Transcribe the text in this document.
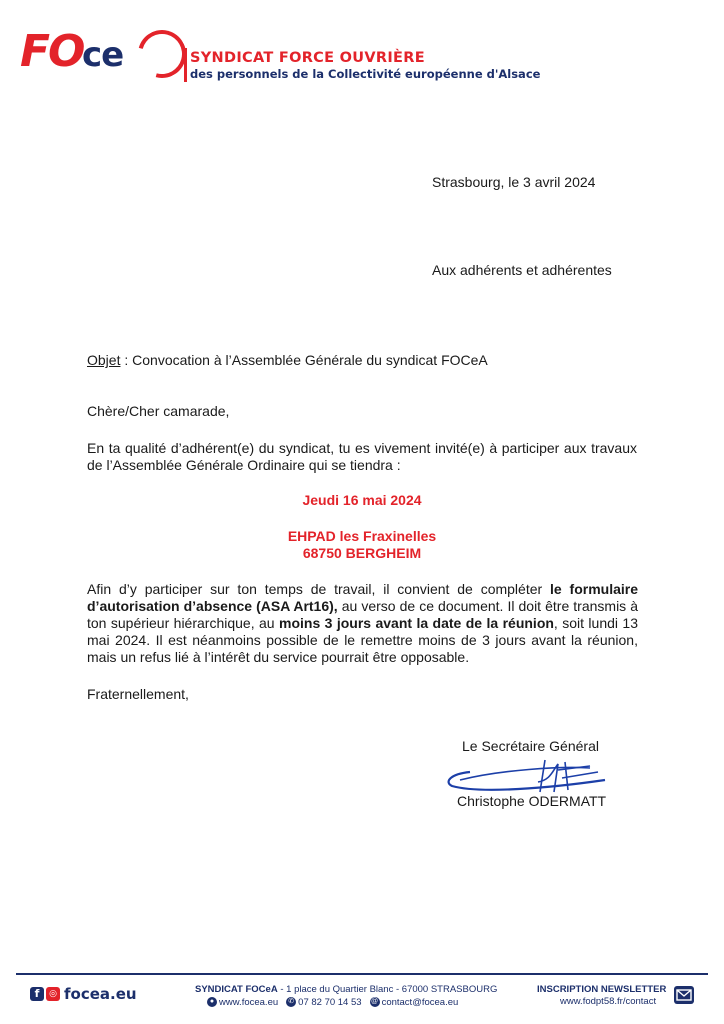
FO
ce	SYNDICAT FORCE OUVRIÈRE
des personnels de la Collectivité européenne d'Alsace
Strasbourg, le 3 avril 2024
Aux adhérents et adhérentes
Objet : Convocation à l’Assemblée Générale du syndicat FOCeA
Chère/Cher camarade,
En ta qualité d’adhérent(e) du syndicat, tu es vivement invité(e) à participer aux travaux de l’Assemblée Générale Ordinaire qui se tiendra :
Jeudi 16 mai 2024
EHPAD les Fraxinelles
68750 BERGHEIM
Afin d’y participer sur ton temps de travail, il convient de compléter le formulaire d’autorisation d’absence (ASA Art16), au verso de ce document. Il doit être transmis à ton supérieur hiérarchique, au moins 3 jours avant la date de la réunion, soit lundi 13 mai 2024. Il est néanmoins possible de le remettre moins de 3 jours avant la réunion, mais un refus lié à l’intérêt du service pourrait être opposable.
Fraternellement,
Le Secrétaire Général
Christophe ODERMATT
f	◎ focea.eu	SYNDICAT FOCeA - 1 place du Quartier Blanc - 67000 STRASBOURG
● www.focea.eu ✆ 07 82 70 14 53 @ contact@focea.eu
INSCRIPTION NEWSLETTER
www.fodpt58.fr/contact
